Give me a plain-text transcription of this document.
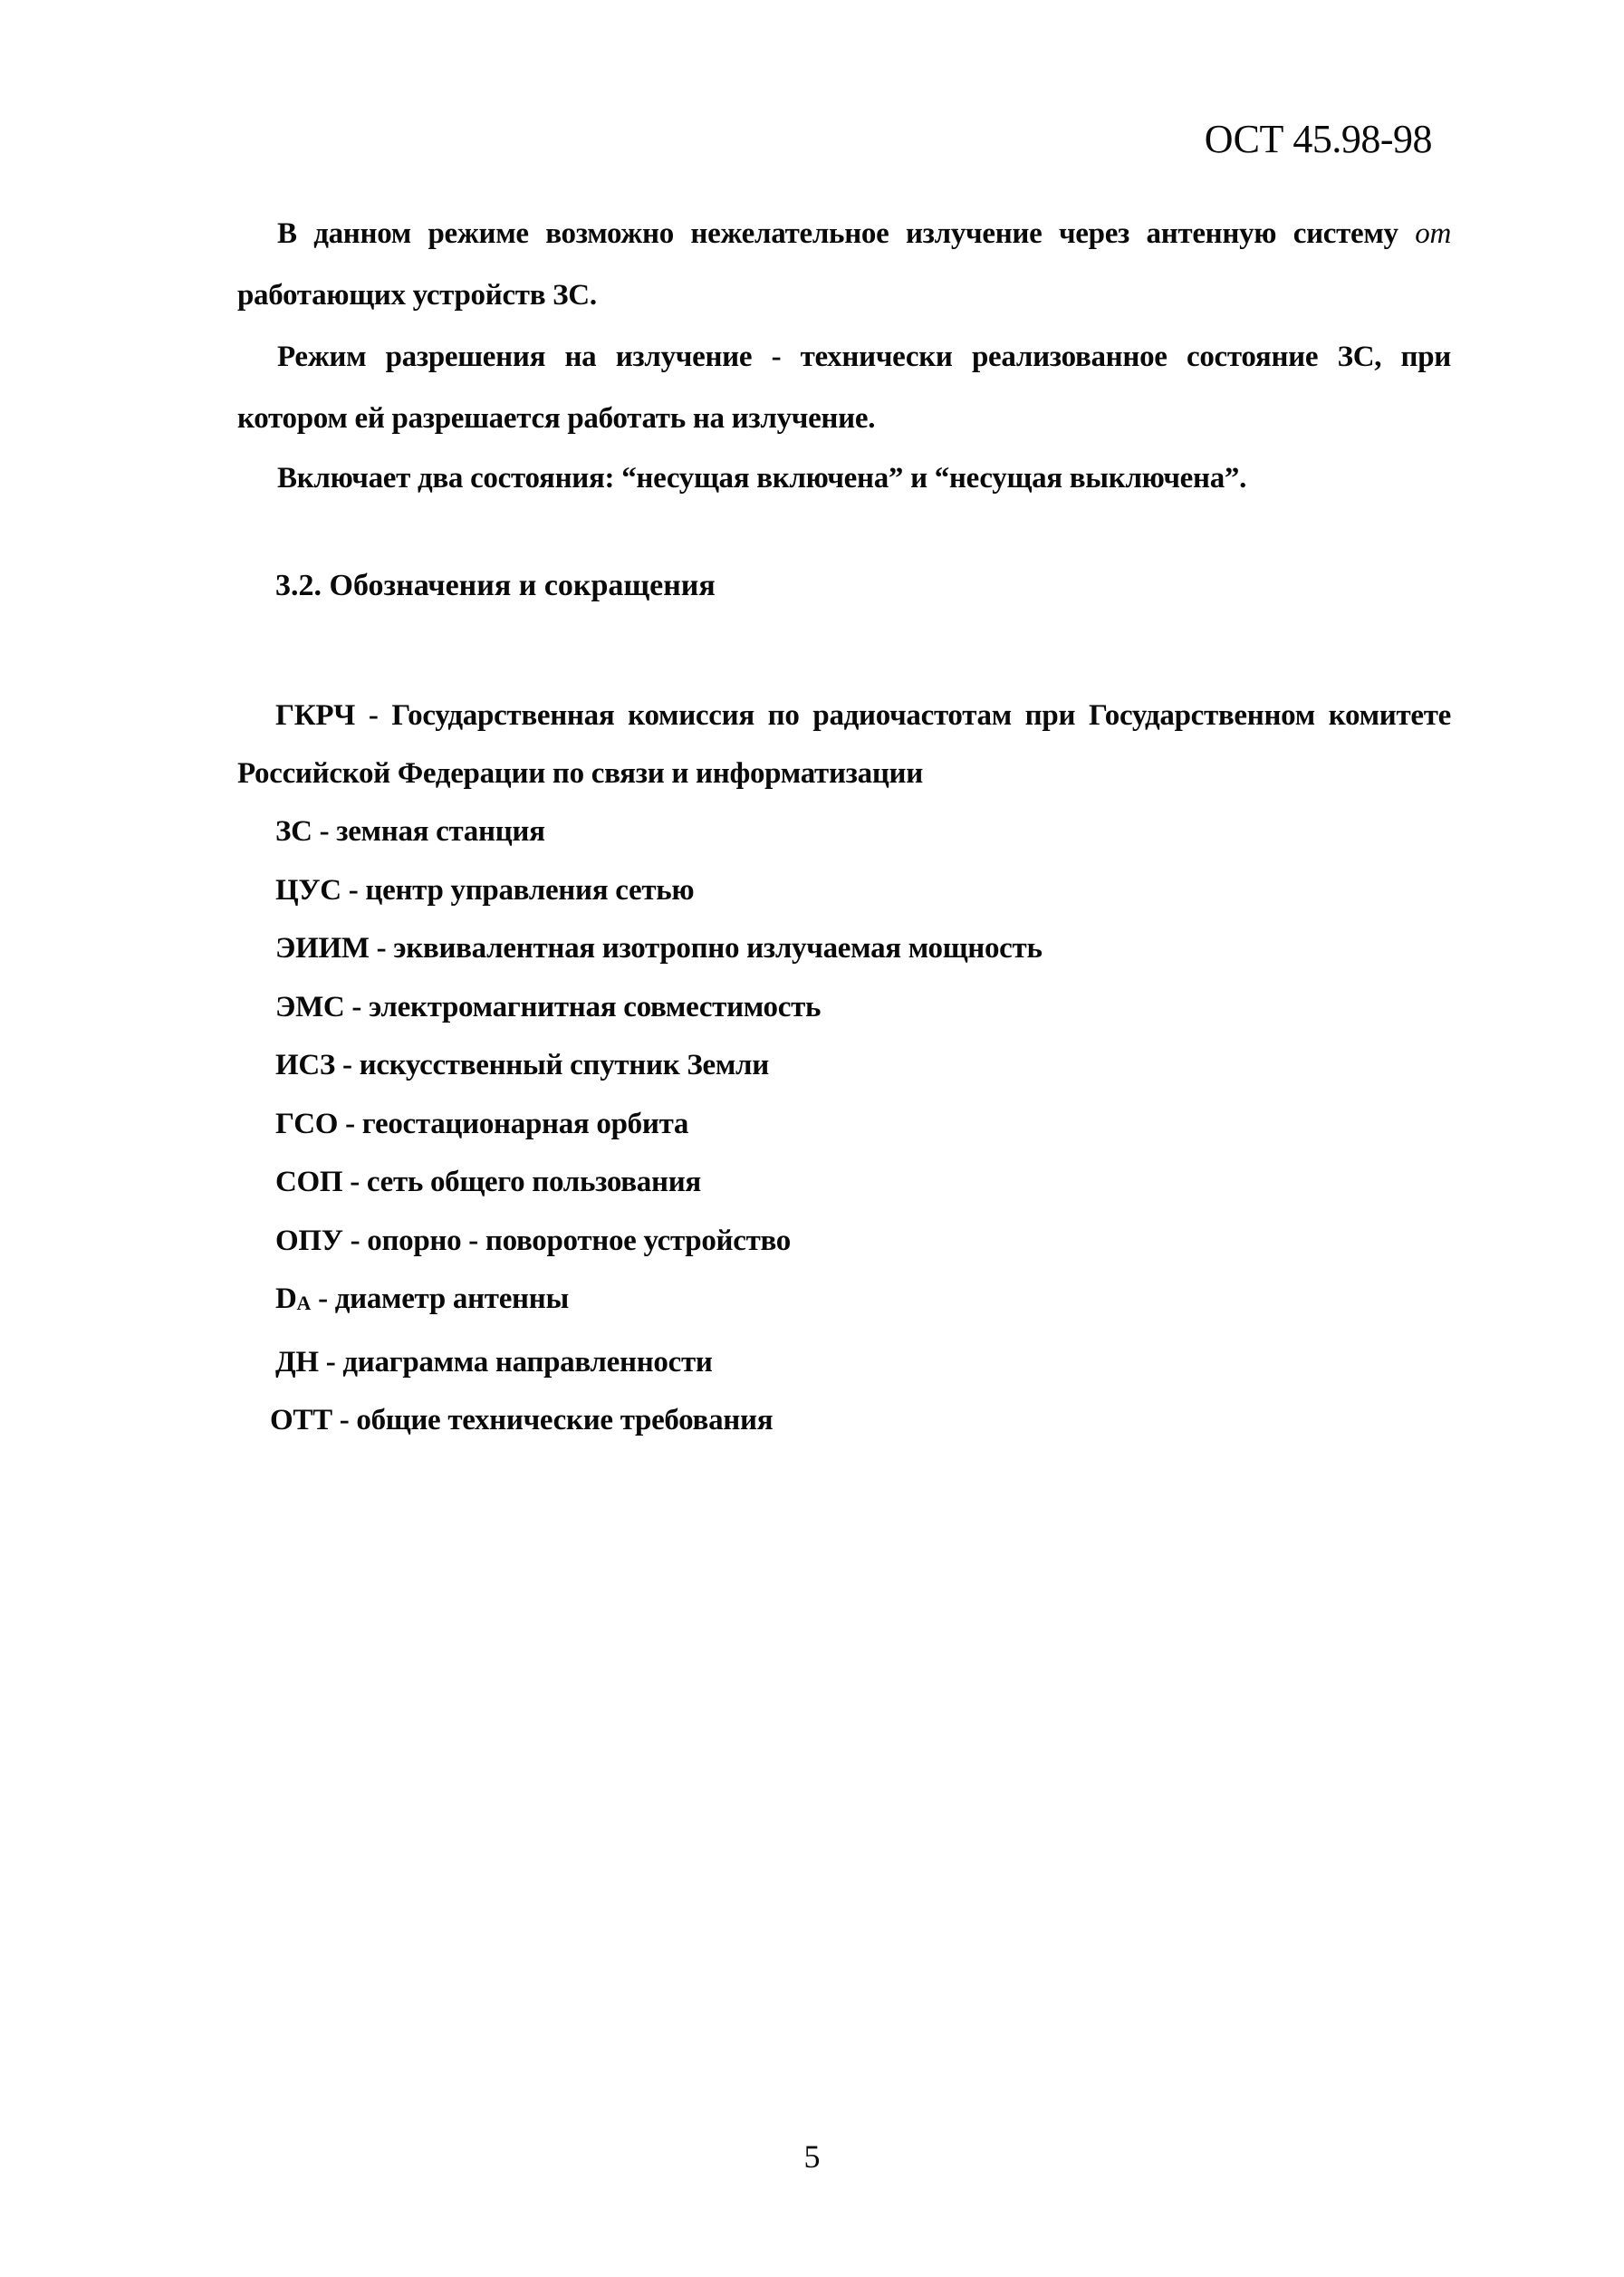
ОСТ 45.98-98

В данном режиме возможно нежелательное излучение через антенную систему от работающих устройств ЗС.

Режим разрешения на излучение - технически реализованное состояние ЗС, при котором ей разрешается работать на излучение.

Включает два состояния: “несущая включена” и “несущая выключена”.

3.2. Обозначения и сокращения
ГКРЧ - Государственная комиссия по радиочастотам при Государственном комитете Российской Федерации по связи и информатизации
ЗС - земная станция
ЦУС - центр управления сетью
ЭИИМ - эквивалентная изотропно излучаемая мощность
ЭМС - электромагнитная совместимость
ИСЗ - искусственный спутник Земли
ГСО - геостационарная орбита
СОП - сеть общего пользования
ОПУ - опорно - поворотное устройство
DA - диаметр антенны
ДН - диаграмма направленности
ОТТ - общие технические требования
5
